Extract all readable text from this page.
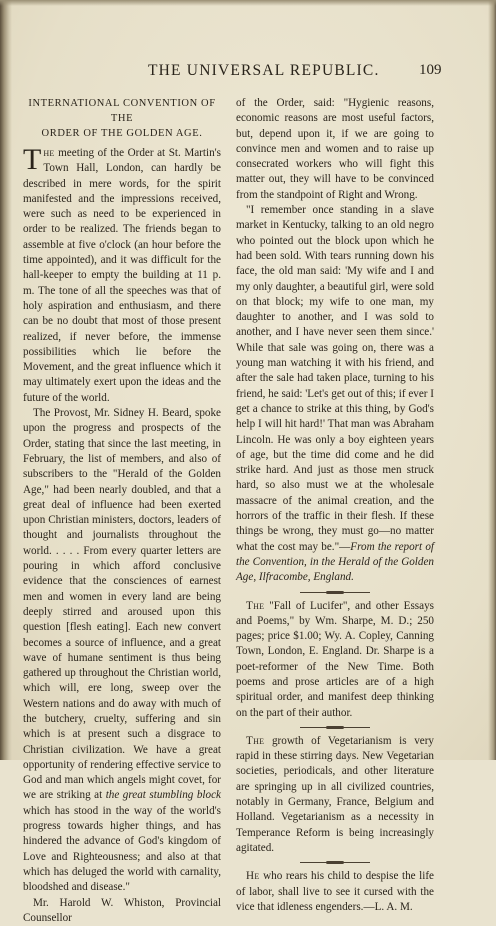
THE UNIVERSAL REPUBLIC.	109
INTERNATIONAL CONVENTION OF THE
ORDER OF THE GOLDEN AGE.

The meeting of the Order at St. Martin's Town Hall, London, can hardly be described in mere words, for the spirit manifested and the impressions received, were such as need to be experienced in order to be realized. The friends began to assemble at five o'clock (an hour before the time appointed), and it was difficult for the hall-keeper to empty the building at 11 p. m. The tone of all the speeches was that of holy aspiration and enthusiasm, and there can be no doubt that most of those present realized, if never before, the immense possibilities which lie before the Movement, and the great influence which it may ultimately exert upon the ideas and the future of the world.

The Provost, Mr. Sidney H. Beard, spoke upon the progress and prospects of the Order, stating that since the last meeting, in February, the list of members, and also of subscribers to the "Herald of the Golden Age," had been nearly doubled, and that a great deal of influence had been exerted upon Christian ministers, doctors, leaders of thought and journalists throughout the world. . . . . From every quarter letters are pouring in which afford conclusive evidence that the consciences of earnest men and women in every land are being deeply stirred and aroused upon this question [flesh eating]. Each new convert becomes a source of influence, and a great wave of humane sentiment is thus being gathered up throughout the Christian world, which will, ere long, sweep over the Western nations and do away with much of the butchery, cruelty, suffering and sin which is at present such a disgrace to Christian civilization. We have a great opportunity of rendering effective service to God and man which angels might covet, for we are striking at the great stumbling block which has stood in the way of the world's progress towards higher things, and has hindered the advance of God's kingdom of Love and Righteousness; and also at that which has deluged the world with carnality, bloodshed and disease."

Mr. Harold W. Whiston, Provincial Counsellor

of the Order, said: "Hygienic reasons, economic reasons are most useful factors, but, depend upon it, if we are going to convince men and women and to raise up consecrated workers who will fight this matter out, they will have to be convinced from the standpoint of Right and Wrong.

"I remember once standing in a slave market in Kentucky, talking to an old negro who pointed out the block upon which he had been sold. With tears running down his face, the old man said: 'My wife and I and my only daughter, a beautiful girl, were sold on that block; my wife to one man, my daughter to another, and I was sold to another, and I have never seen them since.' While that sale was going on, there was a young man watching it with his friend, and after the sale had taken place, turning to his friend, he said: 'Let's get out of this; if ever I get a chance to strike at this thing, by God's help I will hit hard!' That man was Abraham Lincoln. He was only a boy eighteen years of age, but the time did come and he did strike hard. And just as those men struck hard, so also must we at the wholesale massacre of the animal creation, and the horrors of the traffic in their flesh. If these things be wrong, they must go—no matter what the cost may be."—From the report of the Convention, in the Herald of the Golden Age, Ilfracombe, England.

The "Fall of Lucifer", and other Essays and Poems," by Wm. Sharpe, M. D.; 250 pages; price $1.00; Wy. A. Copley, Canning Town, London, E. England. Dr. Sharpe is a poet-reformer of the New Time. Both poems and prose articles are of a high spiritual order, and manifest deep thinking on the part of their author.

The growth of Vegetarianism is very rapid in these stirring days. New Vegetarian societies, periodicals, and other literature are springing up in all civilized countries, notably in Germany, France, Belgium and Holland. Vegetarianism as a necessity in Temperance Reform is being increasingly agitated.

He who rears his child to despise the life of labor, shall live to see it cursed with the vice that idleness engenders.—L. A. M.
